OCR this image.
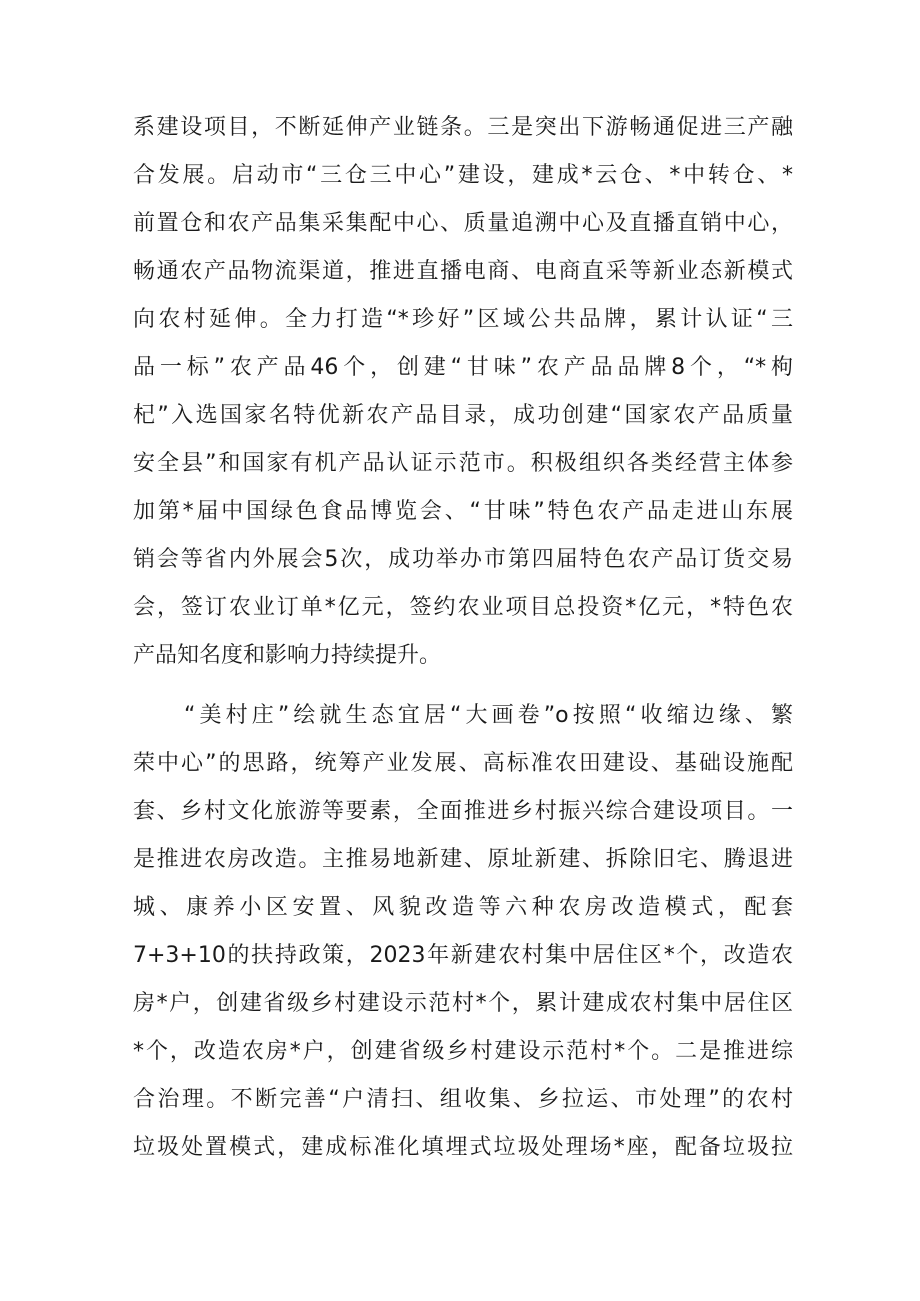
系建设项目，不断延伸产业链条。三是突出下游畅通促进三产融
合发展。启动市“三仓三中心”建设，建成*云仓、*中转仓、*
前置仓和农产品集采集配中心、质量追溯中心及直播直销中心，
畅通农产品物流渠道，推进直播电商、电商直采等新业态新模式
向农村延伸。全力打造“*珍好”区域公共品牌，累计认证“三
品一标”农产品46个，创建“甘味”农产品品牌8个，“*枸
杞”入选国家名特优新农产品目录，成功创建“国家农产品质量
安全县”和国家有机产品认证示范市。积极组织各类经营主体参
加第*届中国绿色食品博览会、“甘味”特色农产品走进山东展
销会等省内外展会5次，成功举办市第四届特色农产品订货交易
会，签订农业订单*亿元，签约农业项目总投资*亿元，*特色农
产品知名度和影响力持续提升。
“美村庄”绘就生态宜居“大画卷”o按照“收缩边缘、繁
荣中心”的思路，统筹产业发展、高标准农田建设、基础设施配
套、乡村文化旅游等要素，全面推进乡村振兴综合建设项目。一
是推进农房改造。主推易地新建、原址新建、拆除旧宅、腾退进
城、康养小区安置、风貌改造等六种农房改造模式，配套
7+3+10的扶持政策，2023年新建农村集中居住区*个，改造农
房*户，创建省级乡村建设示范村*个，累计建成农村集中居住区
*个，改造农房*户，创建省级乡村建设示范村*个。二是推进综
合治理。不断完善“户清扫、组收集、乡拉运、市处理”的农村
垃圾处置模式，建成标准化填埋式垃圾处理场*座，配备垃圾拉
